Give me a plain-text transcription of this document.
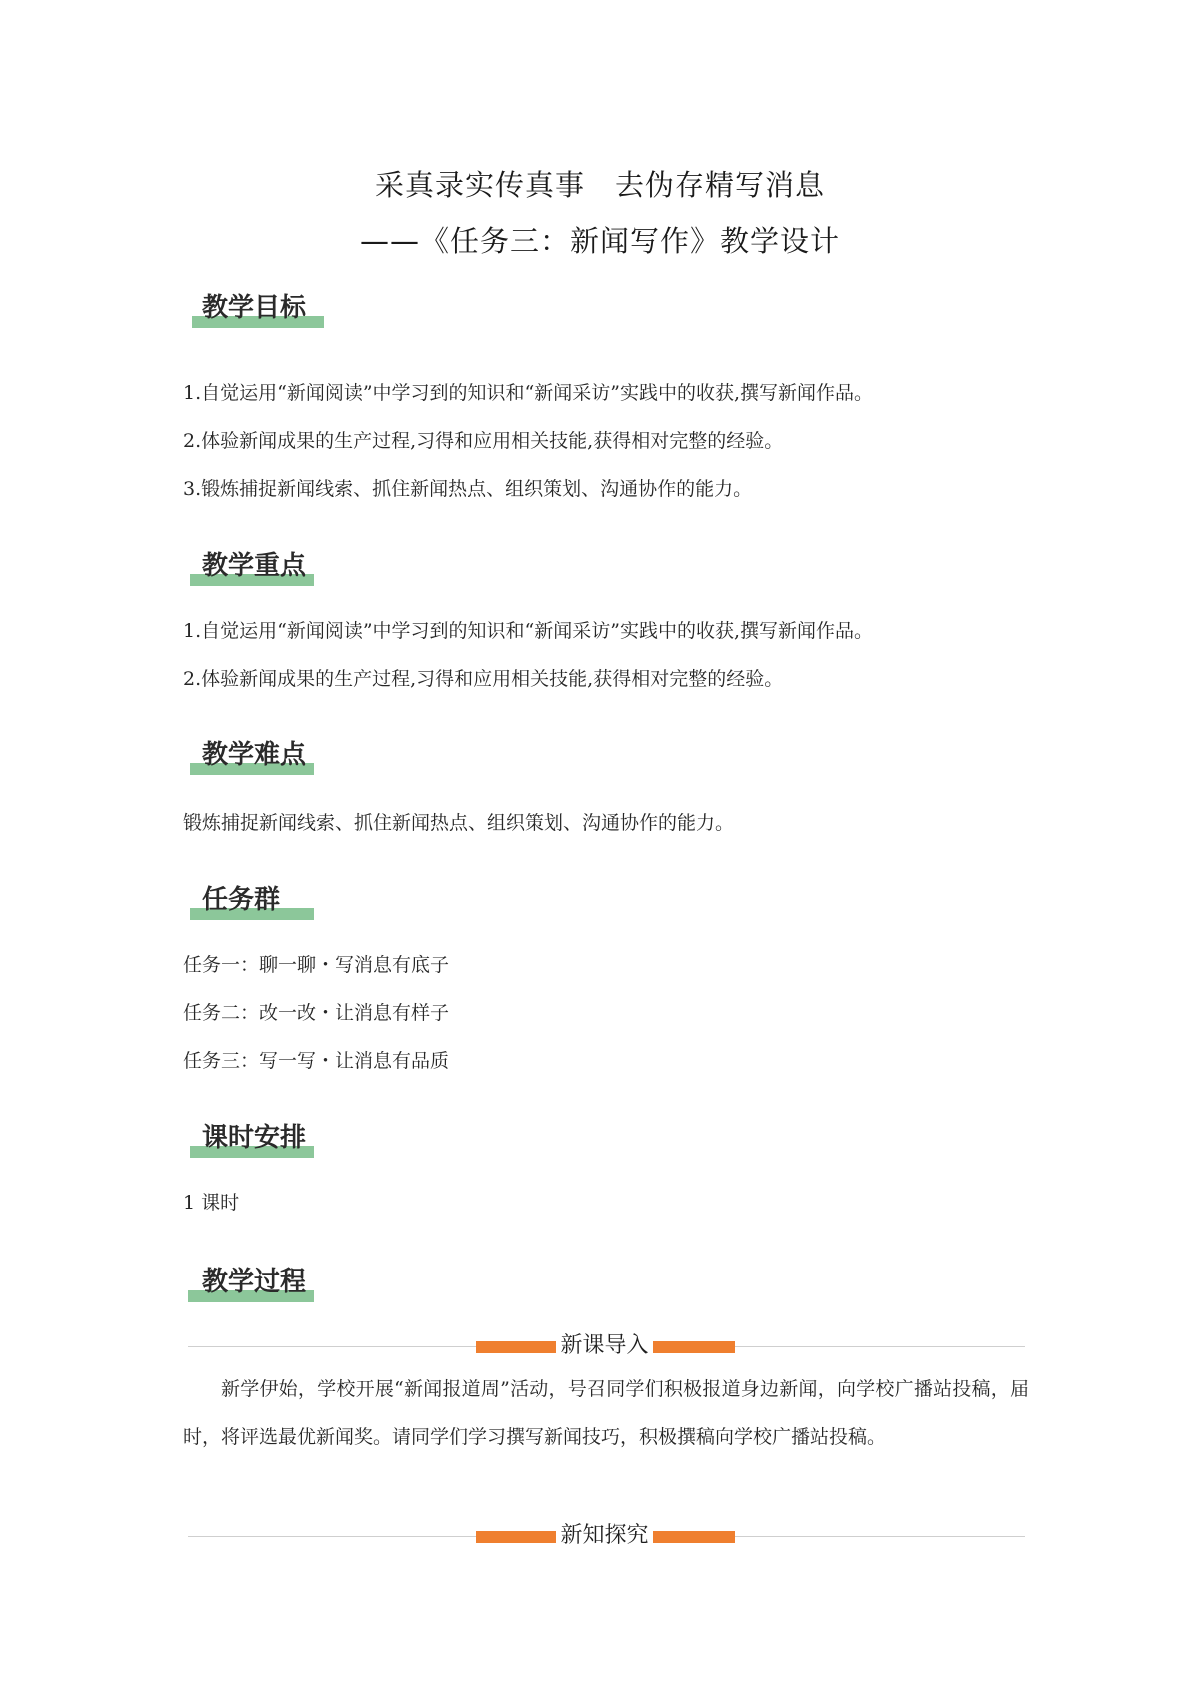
采真录实传真事 去伪存精写消息
——《任务三：新闻写作》教学设计
教学目标
1.自觉运用“新闻阅读”中学习到的知识和“新闻采访”实践中的收获,撰写新闻作品。
2.体验新闻成果的生产过程,习得和应用相关技能,获得相对完整的经验。
3.锻炼捕捉新闻线索、抓住新闻热点、组织策划、沟通协作的能力。
教学重点
1.自觉运用“新闻阅读”中学习到的知识和“新闻采访”实践中的收获,撰写新闻作品。
2.体验新闻成果的生产过程,习得和应用相关技能,获得相对完整的经验。
教学难点
锻炼捕捉新闻线索、抓住新闻热点、组织策划、沟通协作的能力。
任务群
任务一：聊一聊・写消息有底子
任务二：改一改・让消息有样子
任务三：写一写・让消息有品质
课时安排
1 课时
教学过程
新课导入
新学伊始，学校开展“新闻报道周”活动，号召同学们积极报道身边新闻，向学校广播站投稿，届时，将评选最优新闻奖。请同学们学习撰写新闻技巧，积极撰稿向学校广播站投稿。
新知探究
